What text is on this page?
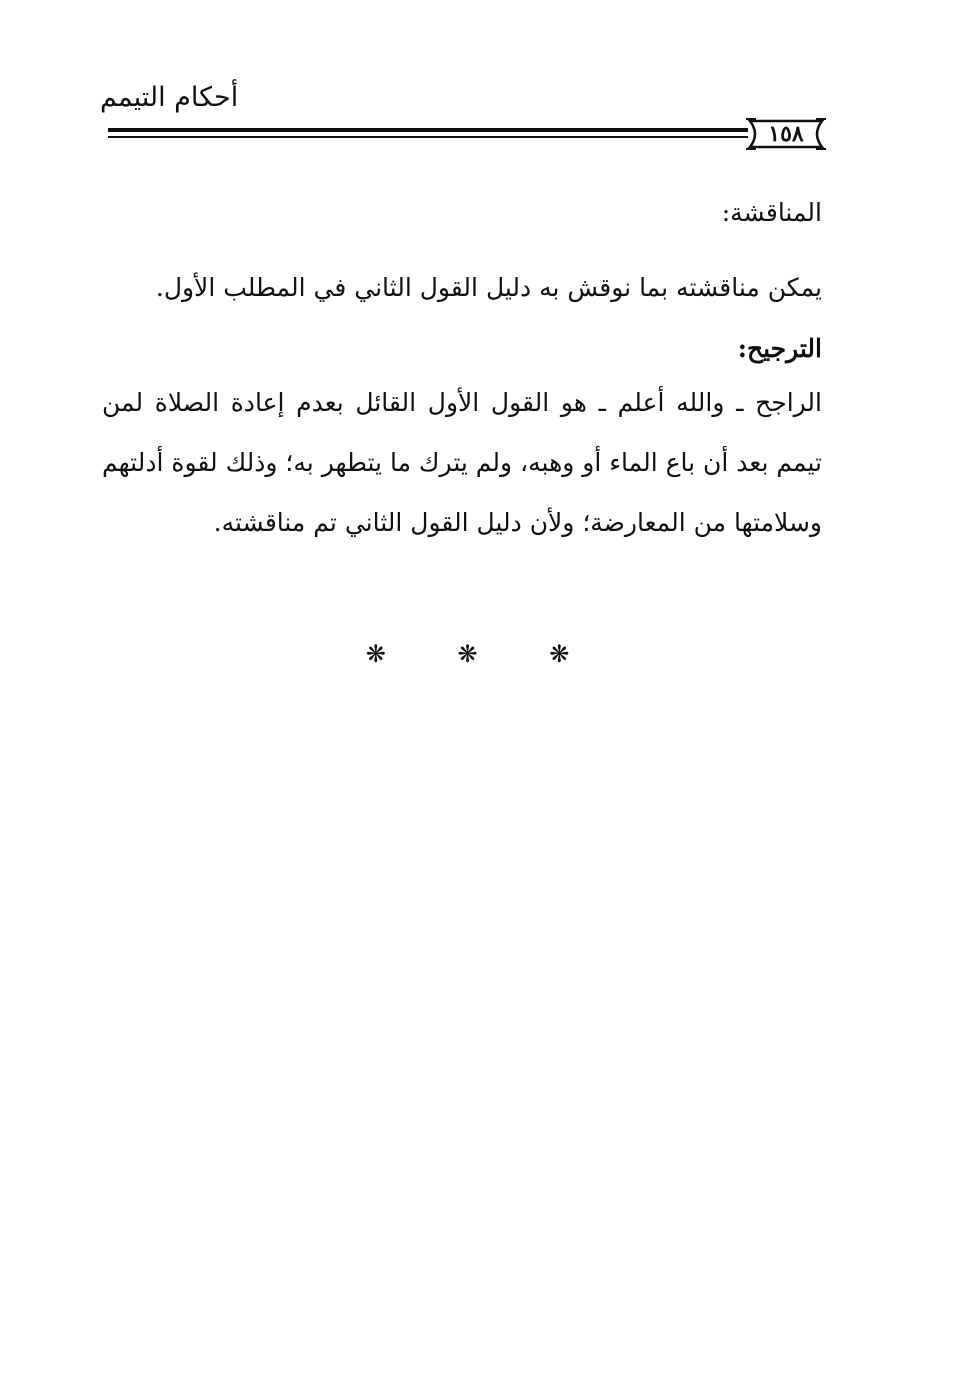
أحكام التيمم
١٥٨

المناقشة:

يمكن مناقشته بما نوقش به دليل القول الثاني في المطلب الأول.

الترجيح:

الراجح ـ والله أعلم ـ هو القول الأول القائل بعدم إعادة الصلاة لمن تيمم بعد أن باع الماء أو وهبه، ولم يترك ما يتطهر به؛ وذلك لقوة أدلتهم وسلامتها من المعارضة؛ ولأن دليل القول الثاني تم مناقشته.

❋ ❋ ❋
